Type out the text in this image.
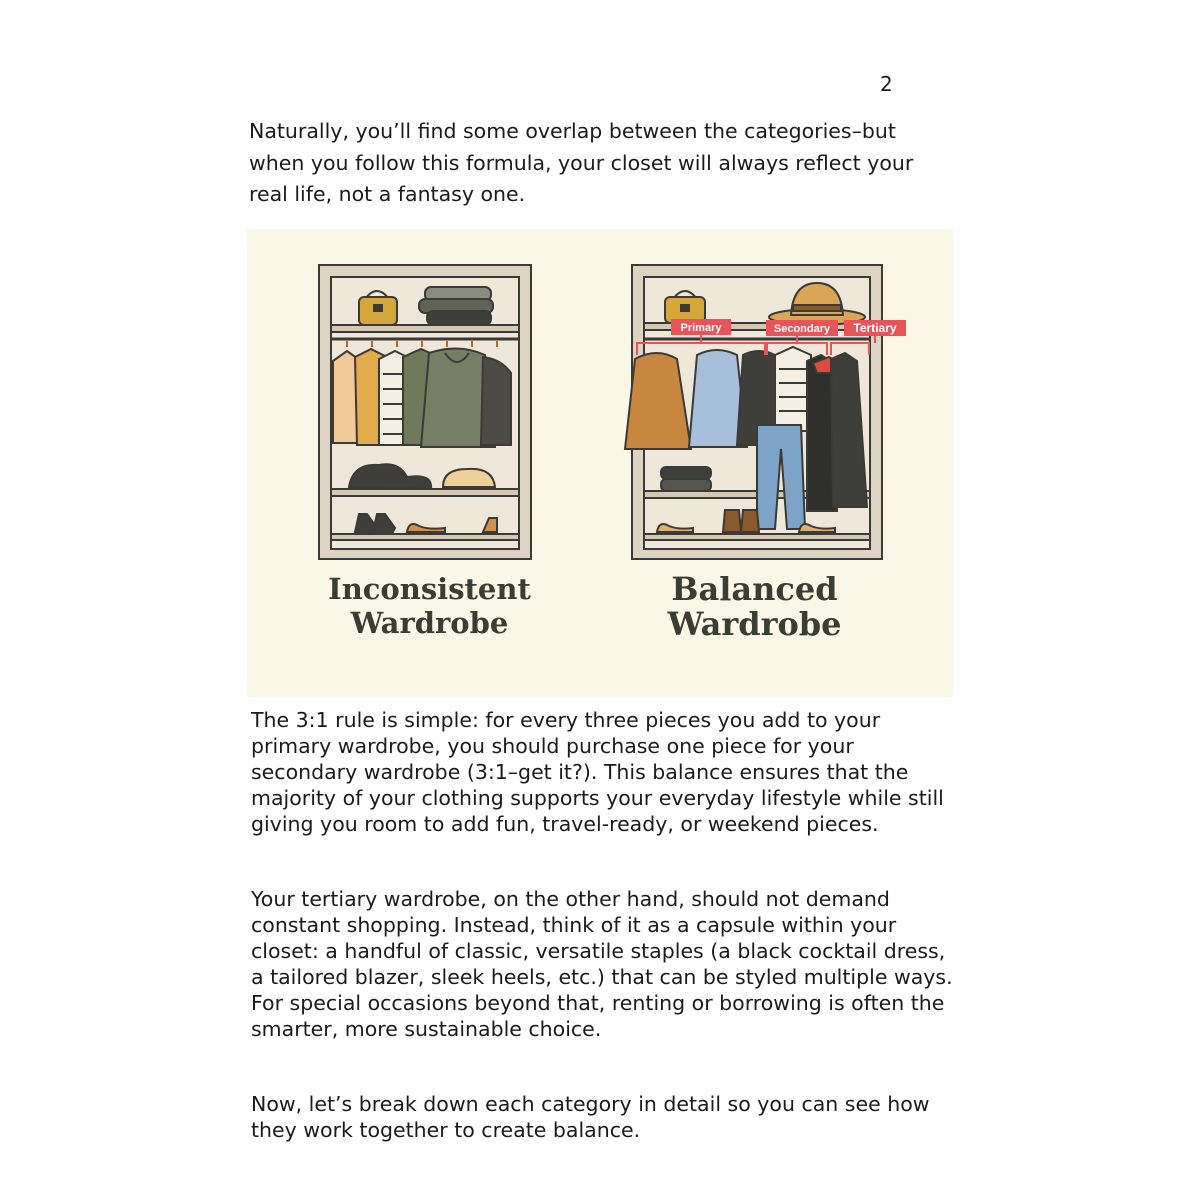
2

Naturally, you’ll find some overlap between the categories–but when you follow this formula, your closet will always reflect your real life, not a fantasy one.

Primary	Secondary Tertiary
Inconsistent Wardrobe
Balanced Wardrobe

The 3:1 rule is simple: for every three pieces you add to your primary wardrobe, you should purchase one piece for your secondary wardrobe (3:1–get it?). This balance ensures that the majority of your clothing supports your everyday lifestyle while still giving you room to add fun, travel-ready, or weekend pieces.

Your tertiary wardrobe, on the other hand, should not demand constant shopping. Instead, think of it as a capsule within your closet: a handful of classic, versatile staples (a black cocktail dress, a tailored blazer, sleek heels, etc.) that can be styled multiple ways. For special occasions beyond that, renting or borrowing is often the smarter, more sustainable choice.

Now, let’s break down each category in detail so you can see how they work together to create balance.
